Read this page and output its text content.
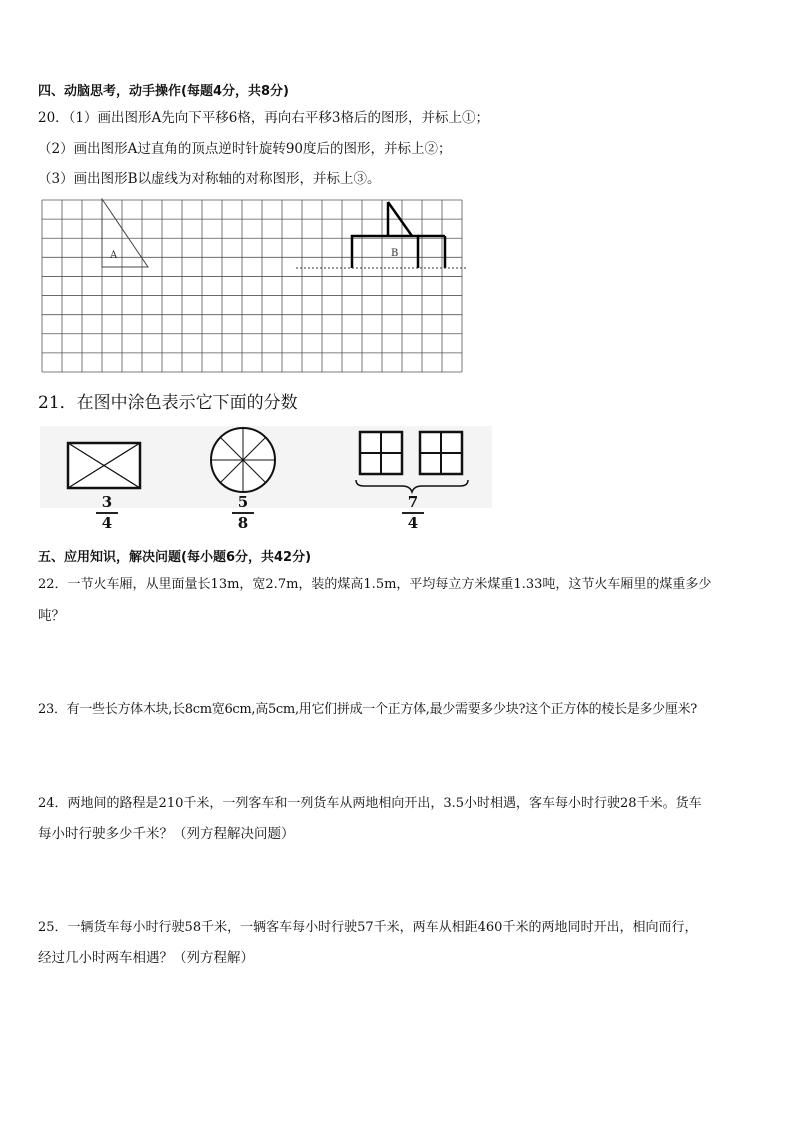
四、动脑思考，动手操作(每题4分，共8分)
20．（1）画出图形A先向下平移6格，再向右平移3格后的图形，并标上①；
（2）画出图形A过直角的顶点逆时针旋转90度后的图形，并标上②；
（3）画出图形B以虚线为对称轴的对称图形，并标上③。
A	B
21．在图中涂色表示它下面的分数
3
4
5
8
7
4
五、应用知识，解决问题(每小题6分，共42分)
22．一节火车厢，从里面量长13m，宽2.7m，装的煤高1.5m，平均每立方米煤重1.33吨，这节火车厢里的煤重多少
吨？
23．有一些长方体木块,长8cm宽6cm,高5cm,用它们拼成一个正方体,最少需要多少块?这个正方体的棱长是多少厘米?
24．两地间的路程是210千米，一列客车和一列货车从两地相向开出，3.5小时相遇，客车每小时行驶28千米。货车
每小时行驶多少千米？（列方程解决问题）
25．一辆货车每小时行驶58千米，一辆客车每小时行驶57千米，两车从相距460千米的两地同时开出，相向而行，
经过几小时两车相遇？（列方程解）
